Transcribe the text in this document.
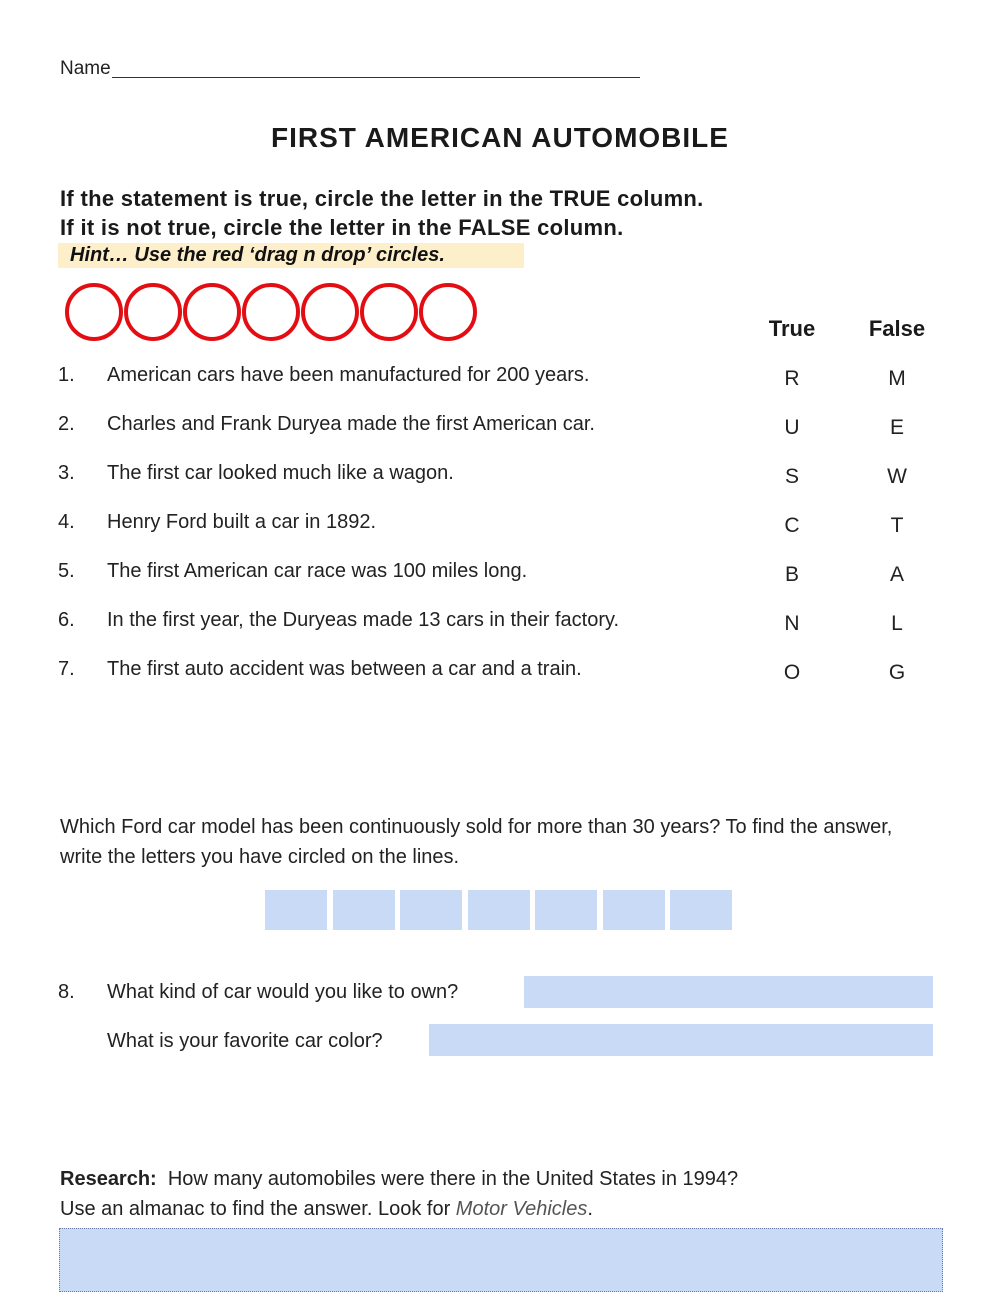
Name
FIRST AMERICAN AUTOMOBILE
If the statement is true, circle the letter in the TRUE column.
If it is not true, circle the letter in the FALSE column.
Hint… Use the red ‘drag n drop’ circles.
True	False
1. American cars have been manufactured for 200 years.	R	M
2. Charles and Frank Duryea made the first American car.	U	E
3. The first car looked much like a wagon.	S	W
4. Henry Ford built a car in 1892.	C	T
5. The first American car race was 100 miles long.	B	A
6. In the first year, the Duryeas made 13 cars in their factory.	N	L
7. The first auto accident was between a car and a train.	O	G
Which Ford car model has been continuously sold for more than 30 years? To find the answer, write the letters you have circled on the lines.
8. What kind of car would you like to own?
What is your favorite car color?
Research: How many automobiles were there in the United States in 1994?
Use an almanac to find the answer. Look for Motor Vehicles.
